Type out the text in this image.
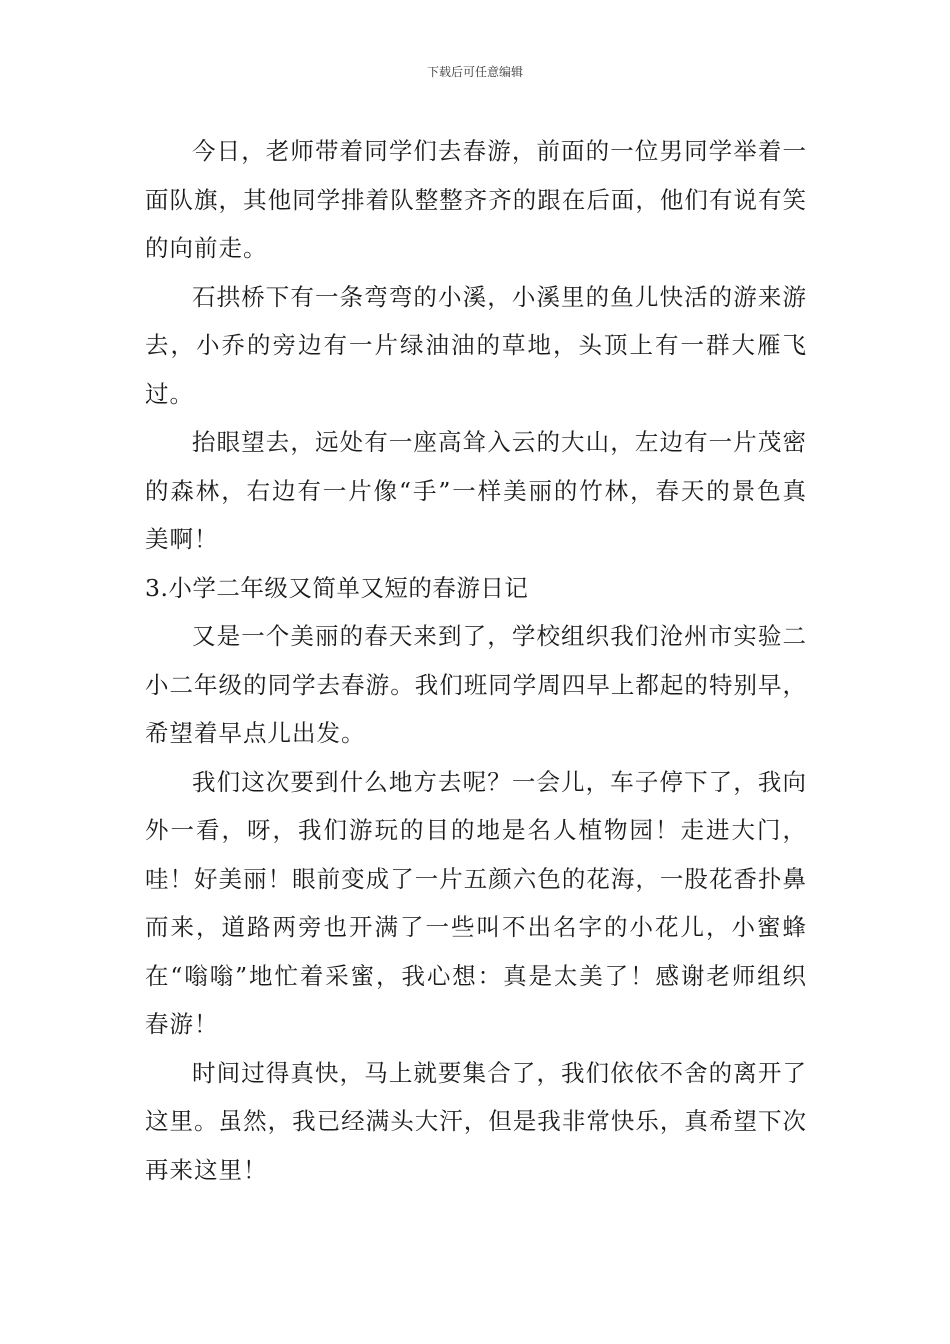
下载后可任意编辑

今日，老师带着同学们去春游，前面的一位男同学举着一面队旗，其他同学排着队整整齐齐的跟在后面，他们有说有笑的向前走。

石拱桥下有一条弯弯的小溪，小溪里的鱼儿快活的游来游去，小乔的旁边有一片绿油油的草地，头顶上有一群大雁飞过。

抬眼望去，远处有一座高耸入云的大山，左边有一片茂密的森林，右边有一片像“手”一样美丽的竹林，春天的景色真美啊！

3.小学二年级又简单又短的春游日记

又是一个美丽的春天来到了，学校组织我们沧州市实验二小二年级的同学去春游。我们班同学周四早上都起的特别早，希望着早点儿出发。

我们这次要到什么地方去呢？一会儿，车子停下了，我向外一看，呀，我们游玩的目的地是名人植物园！走进大门，哇！好美丽！眼前变成了一片五颜六色的花海，一股花香扑鼻而来，道路两旁也开满了一些叫不出名字的小花儿，小蜜蜂在“嗡嗡”地忙着采蜜，我心想：真是太美了！感谢老师组织春游！

时间过得真快，马上就要集合了，我们依依不舍的离开了这里。虽然，我已经满头大汗，但是我非常快乐，真希望下次再来这里！
